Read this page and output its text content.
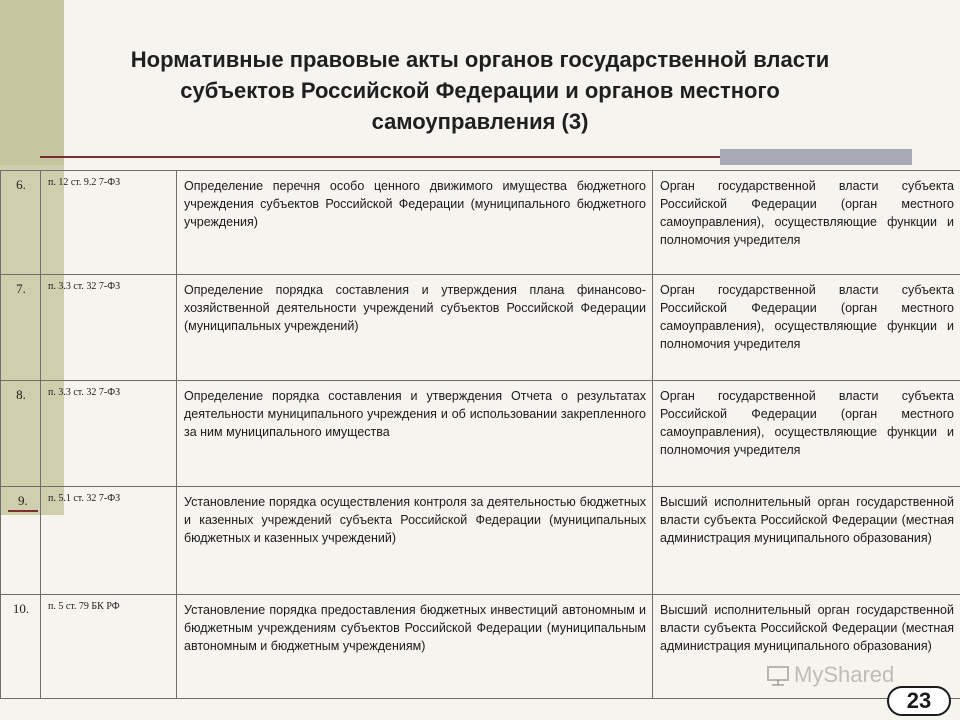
Нормативные правовые акты органов государственной власти
субъектов Российской Федерации и органов местного
самоуправления (3)
6.	п. 12 ст. 9.2 7-ФЗ	Определение перечня особо ценного движимого имущества бюджетного учреждения субъектов Российской Федерации (муниципального бюджетного учреждения)	Орган государственной власти субъекта Российской Федерации (орган местного самоуправления), осуществляющие функции и полномочия учредителя
7.	п. 3.3 ст. 32 7-ФЗ	Определение порядка составления и утверждения плана финансово-хозяйственной деятельности учреждений субъектов Российской Федерации (муниципальных учреждений)	Орган государственной власти субъекта Российской Федерации (орган местного самоуправления), осуществляющие функции и полномочия учредителя
8.	п. 3.3 ст. 32 7-ФЗ	Определение порядка составления и утверждения Отчета о результатах деятельности муниципального учреждения и об использовании закрепленного за ним муниципального имущества	Орган государственной власти субъекта Российской Федерации (орган местного самоуправления), осуществляющие функции и полномочия учредителя
9.	п. 5.1 ст. 32 7-ФЗ	Установление порядка осуществления контроля за деятельностью бюджетных и казенных учреждений субъекта Российской Федерации (муниципальных бюджетных и казенных учреждений)	Высший исполнительный орган государственной власти субъекта Российской Федерации (местная администрация муниципального образования)
10.	п. 5 ст. 79 БК РФ	Установление порядка предоставления бюджетных инвестиций автономным и бюджетным учреждениям субъектов Российской Федерации (муниципальным автономным и бюджетным учреждениям)	Высший исполнительный орган государственной власти субъекта Российской Федерации (местная администрация муниципального образования)
MyShared
23
